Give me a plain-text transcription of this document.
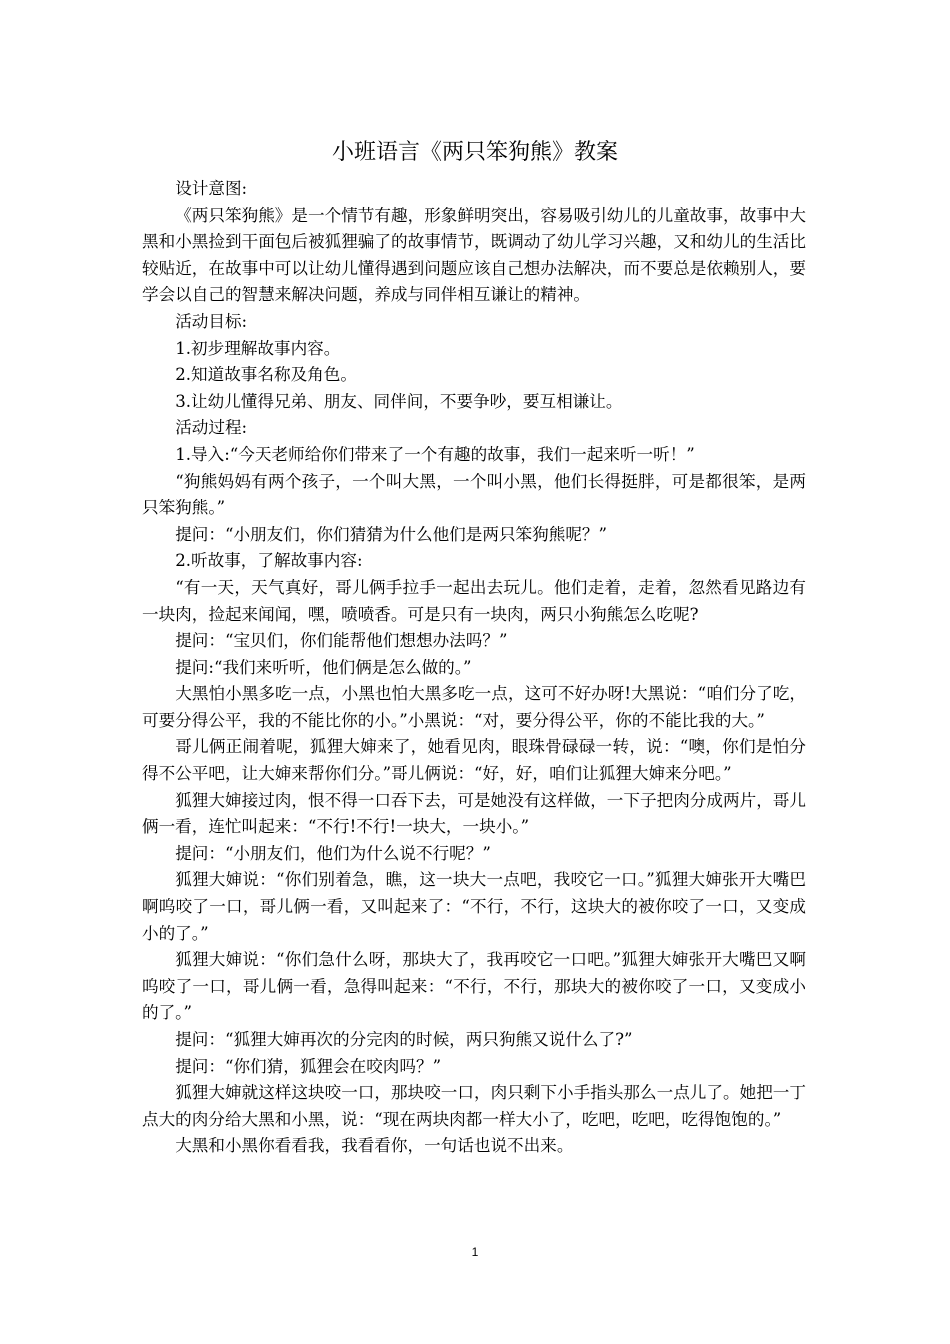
小班语言《两只笨狗熊》教案

设计意图:

《两只笨狗熊》是一个情节有趣，形象鲜明突出，容易吸引幼儿的儿童故事，故事中大黑和小黑捡到干面包后被狐狸骗了的故事情节，既调动了幼儿学习兴趣，又和幼儿的生活比较贴近，在故事中可以让幼儿懂得遇到问题应该自己想办法解决，而不要总是依赖别人，要学会以自己的智慧来解决问题，养成与同伴相互谦让的精神。

活动目标:

1.初步理解故事内容。

2.知道故事名称及角色。

3.让幼儿懂得兄弟、朋友、同伴间，不要争吵，要互相谦让。

活动过程:

1.导入:“今天老师给你们带来了一个有趣的故事，我们一起来听一听！”

“狗熊妈妈有两个孩子，一个叫大黑，一个叫小黑，他们长得挺胖，可是都很笨，是两只笨狗熊。”

提问：“小朋友们，你们猜猜为什么他们是两只笨狗熊呢？”

2.听故事，了解故事内容:

“有一天，天气真好，哥儿俩手拉手一起出去玩儿。他们走着，走着，忽然看见路边有一块肉，捡起来闻闻，嘿，喷喷香。可是只有一块肉，两只小狗熊怎么吃呢?

提问：“宝贝们，你们能帮他们想想办法吗？”

提问:“我们来听听，他们俩是怎么做的。”

大黑怕小黑多吃一点，小黑也怕大黑多吃一点，这可不好办呀!大黑说：“咱们分了吃，可要分得公平，我的不能比你的小。”小黑说：“对，要分得公平，你的不能比我的大。”

哥儿俩正闹着呢，狐狸大婶来了，她看见肉，眼珠骨碌碌一转，说：“噢，你们是怕分得不公平吧，让大婶来帮你们分。”哥儿俩说：“好，好，咱们让狐狸大婶来分吧。”

狐狸大婶接过肉，恨不得一口吞下去，可是她没有这样做，一下子把肉分成两片，哥儿俩一看，连忙叫起来：“不行!不行!一块大，一块小。”

提问：“小朋友们，他们为什么说不行呢？”

狐狸大婶说：“你们别着急，瞧，这一块大一点吧，我咬它一口。”狐狸大婶张开大嘴巴啊呜咬了一口，哥儿俩一看，又叫起来了：“不行，不行，这块大的被你咬了一口，又变成小的了。”

狐狸大婶说：“你们急什么呀，那块大了，我再咬它一口吧。”狐狸大婶张开大嘴巴又啊呜咬了一口，哥儿俩一看，急得叫起来：“不行，不行，那块大的被你咬了一口，又变成小的了。”

提问：“狐狸大婶再次的分完肉的时候，两只狗熊又说什么了?”

提问：“你们猜，狐狸会在咬肉吗？”

狐狸大婶就这样这块咬一口，那块咬一口，肉只剩下小手指头那么一点儿了。她把一丁点大的肉分给大黑和小黑，说：“现在两块肉都一样大小了，吃吧，吃吧，吃得饱饱的。”

大黑和小黑你看看我，我看看你，一句话也说不出来。

1
